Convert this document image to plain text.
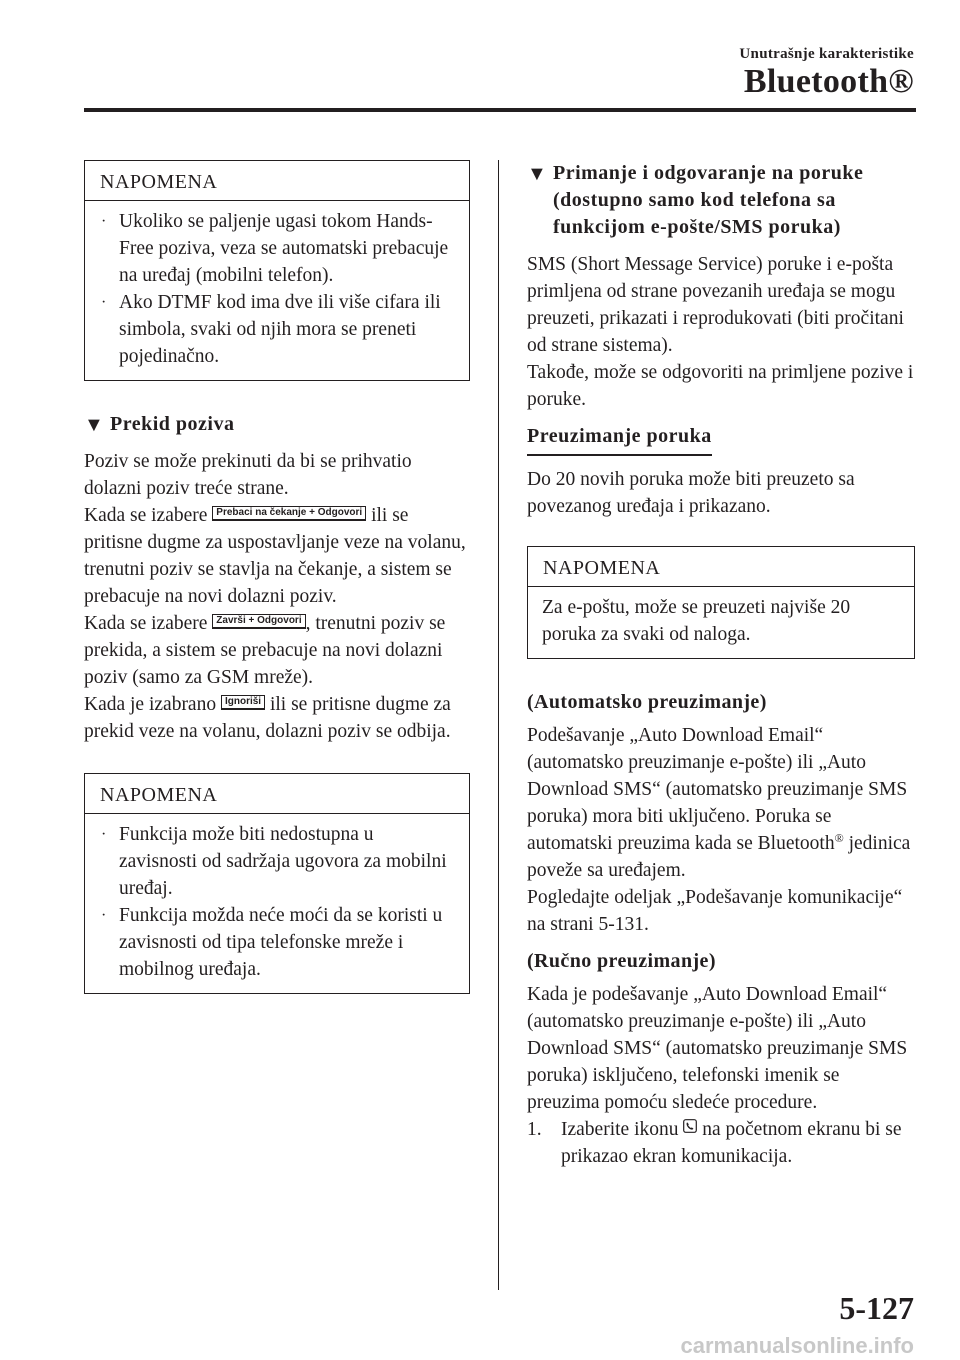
Unutrašnje karakteristike
Bluetooth®
NAPOMENA
· Ukoliko se paljenje ugasi tokom Hands-Free poziva, veza se automatski prebacuje na uređaj (mobilni telefon).
· Ako DTMF kod ima dve ili više cifara ili simbola, svaki od njih mora se preneti pojedinačno.
▼ Prekid poziva
Poziv se može prekinuti da bi se prihvatio dolazni poziv treće strane.
Kada se izabere Prebaci na čekanje + Odgovori ili se pritisne dugme za uspostavljanje veze na volanu, trenutni poziv se stavlja na čekanje, a sistem se prebacuje na novi dolazni poziv.
Kada se izabere Završi + Odgovori , trenutni poziv se prekida, a sistem se prebacuje na novi dolazni poziv (samo za GSM mreže).
Kada je izabrano Ignoriši ili se pritisne dugme za prekid veze na volanu, dolazni poziv se odbija.
NAPOMENA
· Funkcija može biti nedostupna u zavisnosti od sadržaja ugovora za mobilni uređaj.
· Funkcija možda neće moći da se koristi u zavisnosti od tipa telefonske mreže i mobilnog uređaja.
▼ Primanje i odgovaranje na poruke (dostupno samo kod telefona sa funkcijom e-pošte/SMS poruka)
SMS (Short Message Service) poruke i e-pošta primljena od strane povezanih uređaja se mogu preuzeti, prikazati i reprodukovati (biti pročitani od strane sistema).
Takođe, može se odgovoriti na primljene pozive i poruke.
Preuzimanje poruka
Do 20 novih poruka može biti preuzeto sa povezanog uređaja i prikazano.
NAPOMENA
Za e-poštu, može se preuzeti najviše 20 poruka za svaki od naloga.
(Automatsko preuzimanje)
Podešavanje „Auto Download Email“ (automatsko preuzimanje e-pošte) ili „Auto Download SMS“ (automatsko preuzimanje SMS poruka) mora biti uključeno. Poruka se automatski preuzima kada se Bluetooth® jedinica poveže sa uređajem.
Pogledajte odeljak „Podešavanje komunikacije“ na strani 5-131.
(Ručno preuzimanje)
Kada je podešavanje „Auto Download Email“ (automatsko preuzimanje e-pošte) ili „Auto Download SMS“ (automatsko preuzimanje SMS poruka) isključeno, telefonski imenik se preuzima pomoću sledeće procedure.
1. Izaberite ikonu na početnom ekranu bi se prikazao ekran komunikacija.
5-127
carmanualsonline.info
